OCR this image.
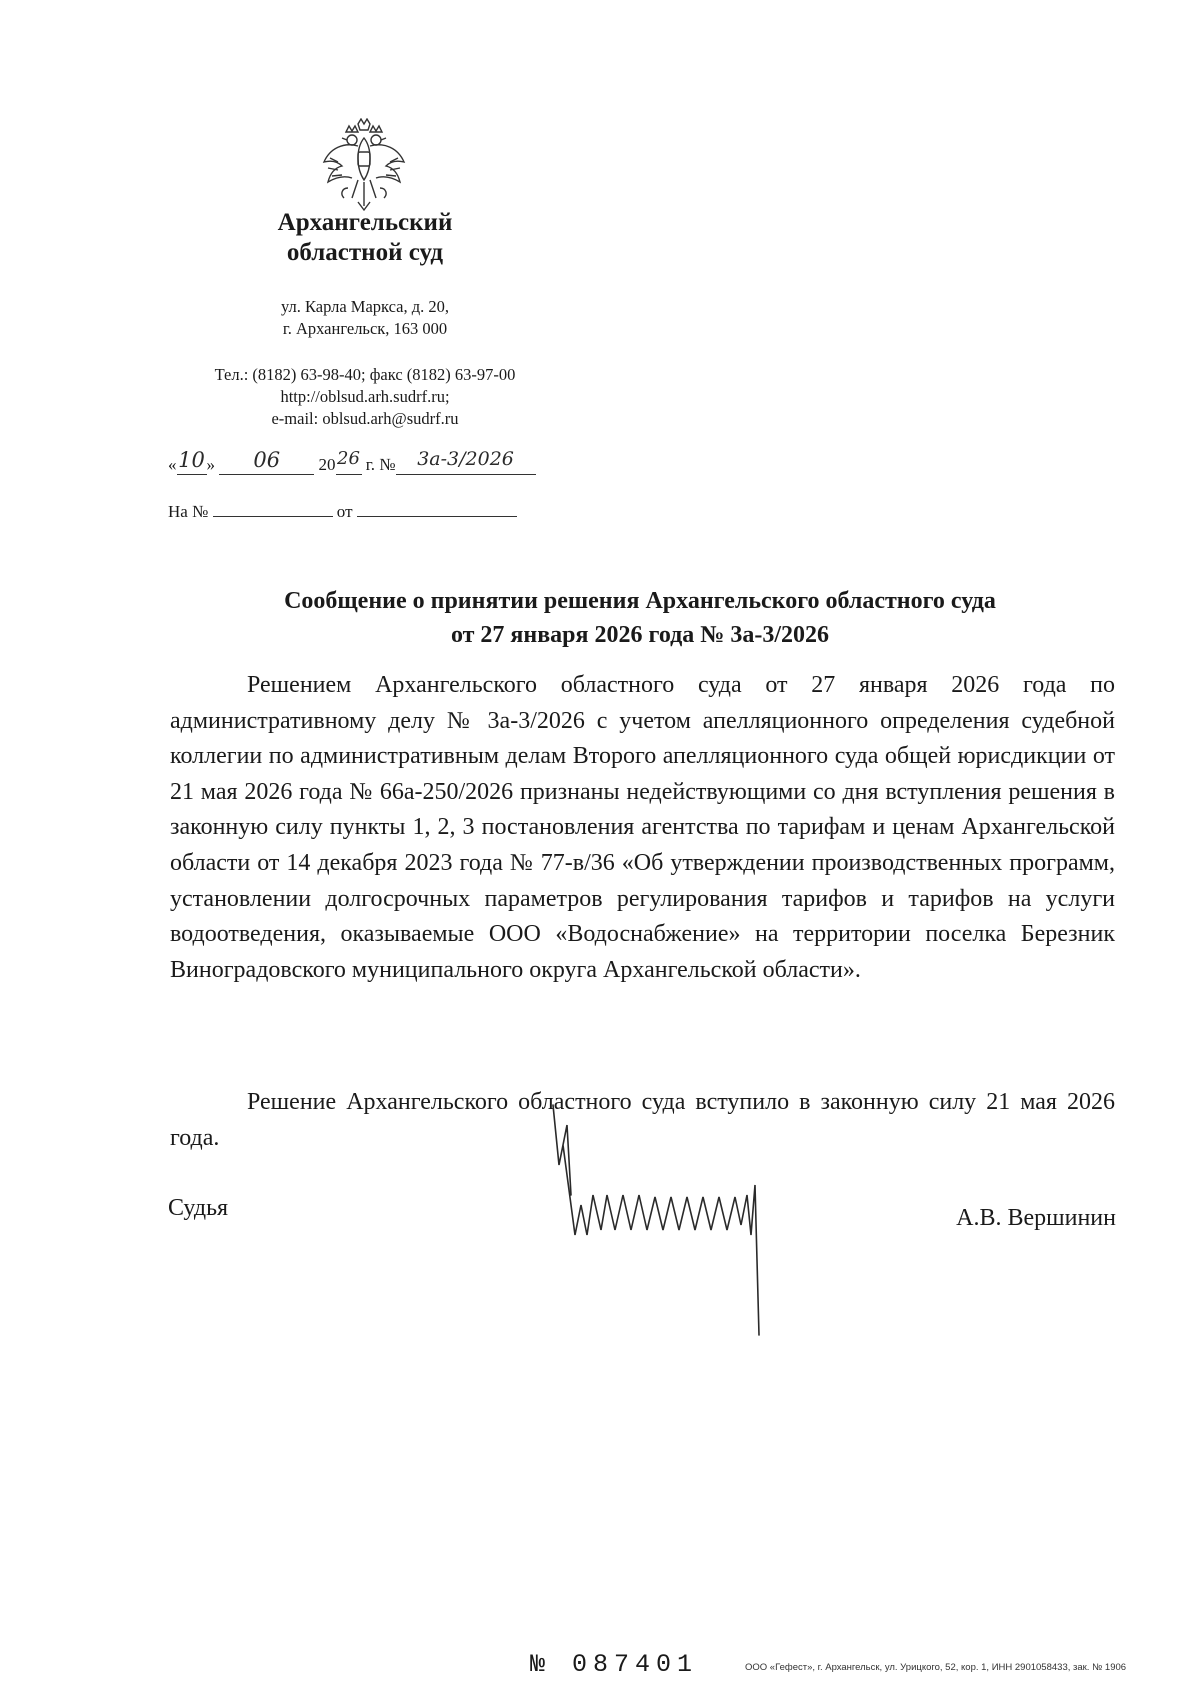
Архангельский
областной суд
ул. Карла Маркса, д. 20,
г. Архангельск, 163 000
Тел.: (8182) 63-98-40; факс (8182) 63-97-00
http://oblsud.arh.sudrf.ru;
e-mail: oblsud.arh@sudrf.ru
«10» 06 2026 г. № 3а-3/2026
На №	от
Сообщение о принятии решения Архангельского областного суда
от 27 января 2026 года № 3а-3/2026
Решением Архангельского областного суда от 27 января 2026 года по административному делу № 3а-3/2026 с учетом апелляционного определения судебной коллегии по административным делам Второго апелляционного суда общей юрисдикции от 21 мая 2026 года № 66а-250/2026 признаны недействующими со дня вступления решения в законную силу пункты 1, 2, 3 постановления агентства по тарифам и ценам Архангельской области от 14 декабря 2023 года № 77-в/36 «Об утверждении производственных программ, установлении долгосрочных параметров регулирования тарифов и тарифов на услуги водоотведения, оказываемые ООО «Водоснабжение» на территории поселка Березник Виноградовского муниципального округа Архангельской области».
Решение Архангельского областного суда вступило в законную силу 21 мая 2026 года.
Судья	А.В. Вершинин
№ 087401	ООО «Гефест», г. Архангельск, ул. Урицкого, 52, кор. 1, ИНН 2901058433, зак. № 1906
